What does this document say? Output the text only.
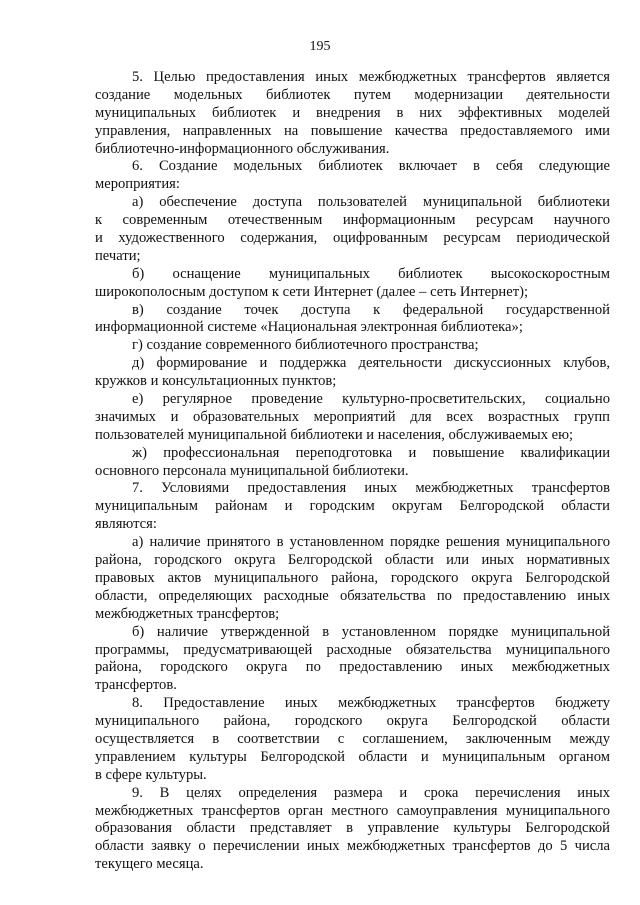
195
5. Целью предоставления иных межбюджетных трансфертов является
создание модельных библиотек путем модернизации деятельности
муниципальных библиотек и внедрения в них эффективных моделей
управления, направленных на повышение качества предоставляемого ими
библиотечно-информационного обслуживания.
6. Создание модельных библиотек включает в себя следующие
мероприятия:
а) обеспечение доступа пользователей муниципальной библиотеки
к современным отечественным информационным ресурсам научного
и художественного содержания, оцифрованным ресурсам периодической
печати;
б) оснащение муниципальных библиотек высокоскоростным
широкополосным доступом к сети Интернет (далее – сеть Интернет);
в) создание точек доступа к федеральной государственной
информационной системе «Национальная электронная библиотека»;
г) создание современного библиотечного пространства;
д) формирование и поддержка деятельности дискуссионных клубов,
кружков и консультационных пунктов;
е) регулярное проведение культурно-просветительских, социально
значимых и образовательных мероприятий для всех возрастных групп
пользователей муниципальной библиотеки и населения, обслуживаемых ею;
ж) профессиональная переподготовка и повышение квалификации
основного персонала муниципальной библиотеки.
7. Условиями предоставления иных межбюджетных трансфертов
муниципальным районам и городским округам Белгородской области
являются:
а) наличие принятого в установленном порядке решения муниципального
района, городского округа Белгородской области или иных нормативных
правовых актов муниципального района, городского округа Белгородской
области, определяющих расходные обязательства по предоставлению иных
межбюджетных трансфертов;
б) наличие утвержденной в установленном порядке муниципальной
программы, предусматривающей расходные обязательства муниципального
района, городского округа по предоставлению иных межбюджетных
трансфертов.
8. Предоставление иных межбюджетных трансфертов бюджету
муниципального района, городского округа Белгородской области
осуществляется в соответствии с соглашением, заключенным между
управлением культуры Белгородской области и муниципальным органом
в сфере культуры.
9. В целях определения размера и срока перечисления иных
межбюджетных трансфертов орган местного самоуправления муниципального
образования области представляет в управление культуры Белгородской
области заявку о перечислении иных межбюджетных трансфертов до 5 числа
текущего месяца.
